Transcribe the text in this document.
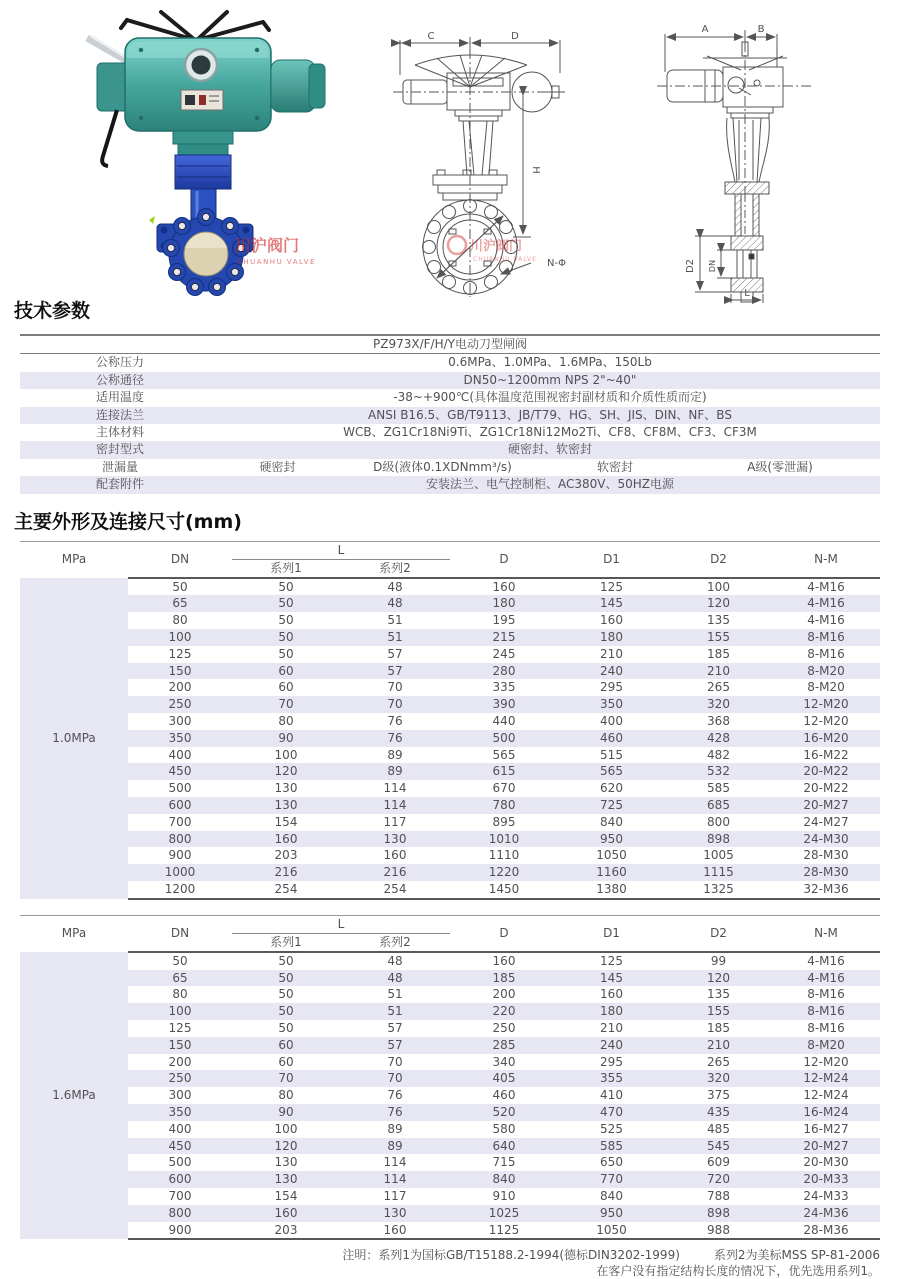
川沪阀门
CHUANHU VALVE
C	D
H
N-Φ
川沪阀门
CHUANHU VALVE
A	B
D2 DN
L
技术参数
PZ973X/F/H/Y电动刀型闸阀				
公称压力	0.6MPa、1.0MPa、1.6MPa、150Lb			
公称通径	DN50~1200mm NPS 2"~40"			
适用温度	-38~+900℃(具体温度范围视密封副材质和介质性质而定)			
连接法兰	ANSI B16.5、GB/T9113、JB/T79、HG、SH、JIS、DIN、NF、BS			
主体材料	WCB、ZG1Cr18Ni9Ti、ZG1Cr18Ni12Mo2Ti、CF8、CF8M、CF3、CF3M			
密封型式	硬密封、软密封			
泄漏量	硬密封	D级(液体0.1XDNmm³/s)	软密封	A级(零泄漏)
配套附件	安装法兰、电气控制柜、AC380V、50HZ电源			
主要外形及连接尺寸(mm)
MPa	DN	L		D	D1	D2	N-M
		系列1	系列2				
1.0MPa	50	50	48	160	125	100	4-M16
	65	50	48	180	145	120	4-M16
	80	50	51	195	160	135	4-M16
	100	50	51	215	180	155	8-M16
	125	50	57	245	210	185	8-M16
	150	60	57	280	240	210	8-M20
	200	60	70	335	295	265	8-M20
	250	70	70	390	350	320	12-M20
	300	80	76	440	400	368	12-M20
	350	90	76	500	460	428	16-M20
	400	100	89	565	515	482	16-M22
	450	120	89	615	565	532	20-M22
	500	130	114	670	620	585	20-M22
	600	130	114	780	725	685	20-M27
	700	154	117	895	840	800	24-M27
	800	160	130	1010	950	898	24-M30
	900	203	160	1110	1050	1005	28-M30
	1000	216	216	1220	1160	1115	28-M30
	1200	254	254	1450	1380	1325	32-M36
MPa	DN	L		D	D1	D2	N-M
		系列1	系列2				
1.6MPa	50	50	48	160	125	99	4-M16
	65	50	48	185	145	120	4-M16
	80	50	51	200	160	135	8-M16
	100	50	51	220	180	155	8-M16
	125	50	57	250	210	185	8-M16
	150	60	57	285	240	210	8-M20
	200	60	70	340	295	265	12-M20
	250	70	70	405	355	320	12-M24
	300	80	76	460	410	375	12-M24
	350	90	76	520	470	435	16-M24
	400	100	89	580	525	485	16-M27
	450	120	89	640	585	545	20-M27
	500	130	114	715	650	609	20-M30
	600	130	114	840	770	720	20-M33
	700	154	117	910	840	788	24-M33
	800	160	130	1025	950	898	24-M36
	900	203	160	1125	1050	988	28-M36
注明：系列1为国标GB/T15188.2-1994(德标DIN3202-1999)	系列2为美标MSS SP-81-2006
在客户没有指定结构长度的情况下，优先选用系列1。
